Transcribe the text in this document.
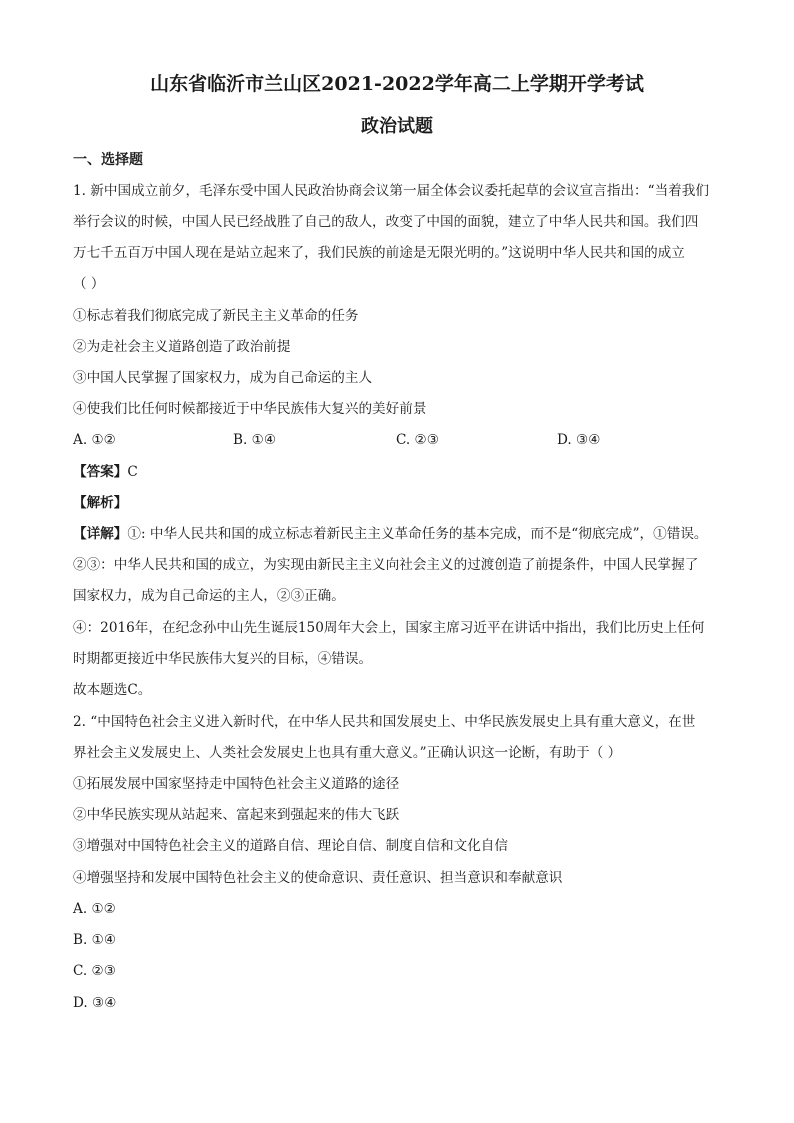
山东省临沂市兰山区2021-2022学年高二上学期开学考试
政治试题
一、选择题
1. 新中国成立前夕，毛泽东受中国人民政治协商会议第一届全体会议委托起草的会议宣言指出：“当着我们
举行会议的时候，中国人民已经战胜了自己的敌人，改变了中国的面貌，建立了中华人民共和国。我们四
万七千五百万中国人现在是站立起来了，我们民族的前途是无限光明的。”这说明中华人民共和国的成立
（ ）
①标志着我们彻底完成了新民主主义革命的任务
②为走社会主义道路创造了政治前提
③中国人民掌握了国家权力，成为自己命运的主人
④使我们比任何时候都接近于中华民族伟大复兴的美好前景
A. ①②	B. ①④	C. ②③	D. ③④
【答案】C
【解析】
【详解】①: 中华人民共和国的成立标志着新民主主义革命任务的基本完成，而不是“彻底完成”，①错误。
②③：中华人民共和国的成立，为实现由新民主主义向社会主义的过渡创造了前提条件，中国人民掌握了
国家权力，成为自己命运的主人，②③正确。
④：2016年，在纪念孙中山先生诞辰150周年大会上，国家主席习近平在讲话中指出，我们比历史上任何
时期都更接近中华民族伟大复兴的目标，④错误。
故本题选C。
2. “中国特色社会主义进入新时代，在中华人民共和国发展史上、中华民族发展史上具有重大意义，在世
界社会主义发展史上、人类社会发展史上也具有重大意义。”正确认识这一论断，有助于（ ）
①拓展发展中国家坚持走中国特色社会主义道路的途径
②中华民族实现从站起来、富起来到强起来的伟大飞跃
③增强对中国特色社会主义的道路自信、理论自信、制度自信和文化自信
④增强坚持和发展中国特色社会主义的使命意识、责任意识、担当意识和奉献意识
A. ①②
B. ①④
C. ②③
D. ③④
